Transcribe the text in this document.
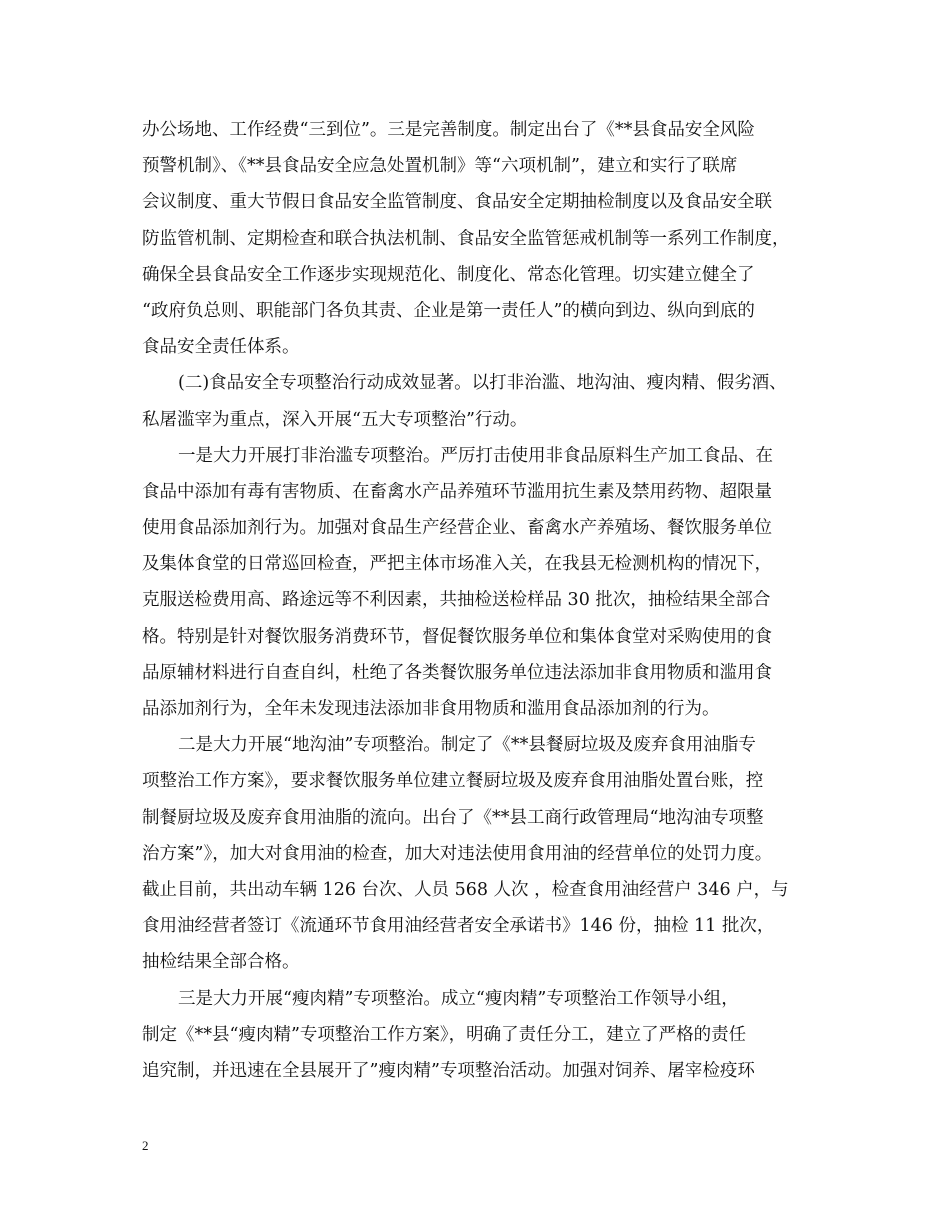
办公场地、工作经费“三到位”。三是完善制度。制定出台了《**县食品安全风险
预警机制》、《**县食品安全应急处置机制》等“六项机制”，建立和实行了联席
会议制度、重大节假日食品安全监管制度、食品安全定期抽检制度以及食品安全联
防监管机制、定期检查和联合执法机制、食品安全监管惩戒机制等一系列工作制度，
确保全县食品安全工作逐步实现规范化、制度化、常态化管理。切实建立健全了
“政府负总则、职能部门各负其责、企业是第一责任人”的横向到边、纵向到底的
食品安全责任体系。
(二)食品安全专项整治行动成效显著。以打非治滥、地沟油、瘦肉精、假劣酒、
私屠滥宰为重点，深入开展“五大专项整治”行动。
一是大力开展打非治滥专项整治。严厉打击使用非食品原料生产加工食品、在
食品中添加有毒有害物质、在畜禽水产品养殖环节滥用抗生素及禁用药物、超限量
使用食品添加剂行为。加强对食品生产经营企业、畜禽水产养殖场、餐饮服务单位
及集体食堂的日常巡回检查，严把主体市场准入关，在我县无检测机构的情况下，
克服送检费用高、路途远等不利因素，共抽检送检样品 30 批次，抽检结果全部合
格。特别是针对餐饮服务消费环节，督促餐饮服务单位和集体食堂对采购使用的食
品原辅材料进行自查自纠，杜绝了各类餐饮服务单位违法添加非食用物质和滥用食
品添加剂行为，全年未发现违法添加非食用物质和滥用食品添加剂的行为。
二是大力开展“地沟油”专项整治。制定了《**县餐厨垃圾及废弃食用油脂专
项整治工作方案》，要求餐饮服务单位建立餐厨垃圾及废弃食用油脂处置台账，控
制餐厨垃圾及废弃食用油脂的流向。出台了《**县工商行政管理局“地沟油专项整
治方案”》，加大对食用油的检查，加大对违法使用食用油的经营单位的处罚力度。
截止目前，共出动车辆 126 台次、人员 568 人次 ，检查食用油经营户 346 户，与
食用油经营者签订《流通环节食用油经营者安全承诺书》146 份，抽检 11 批次，
抽检结果全部合格。
三是大力开展“瘦肉精”专项整治。成立“瘦肉精”专项整治工作领导小组，
制定《**县“瘦肉精”专项整治工作方案》，明确了责任分工，建立了严格的责任
追究制，并迅速在全县展开了”瘦肉精”专项整治活动。加强对饲养、屠宰检疫环
2
